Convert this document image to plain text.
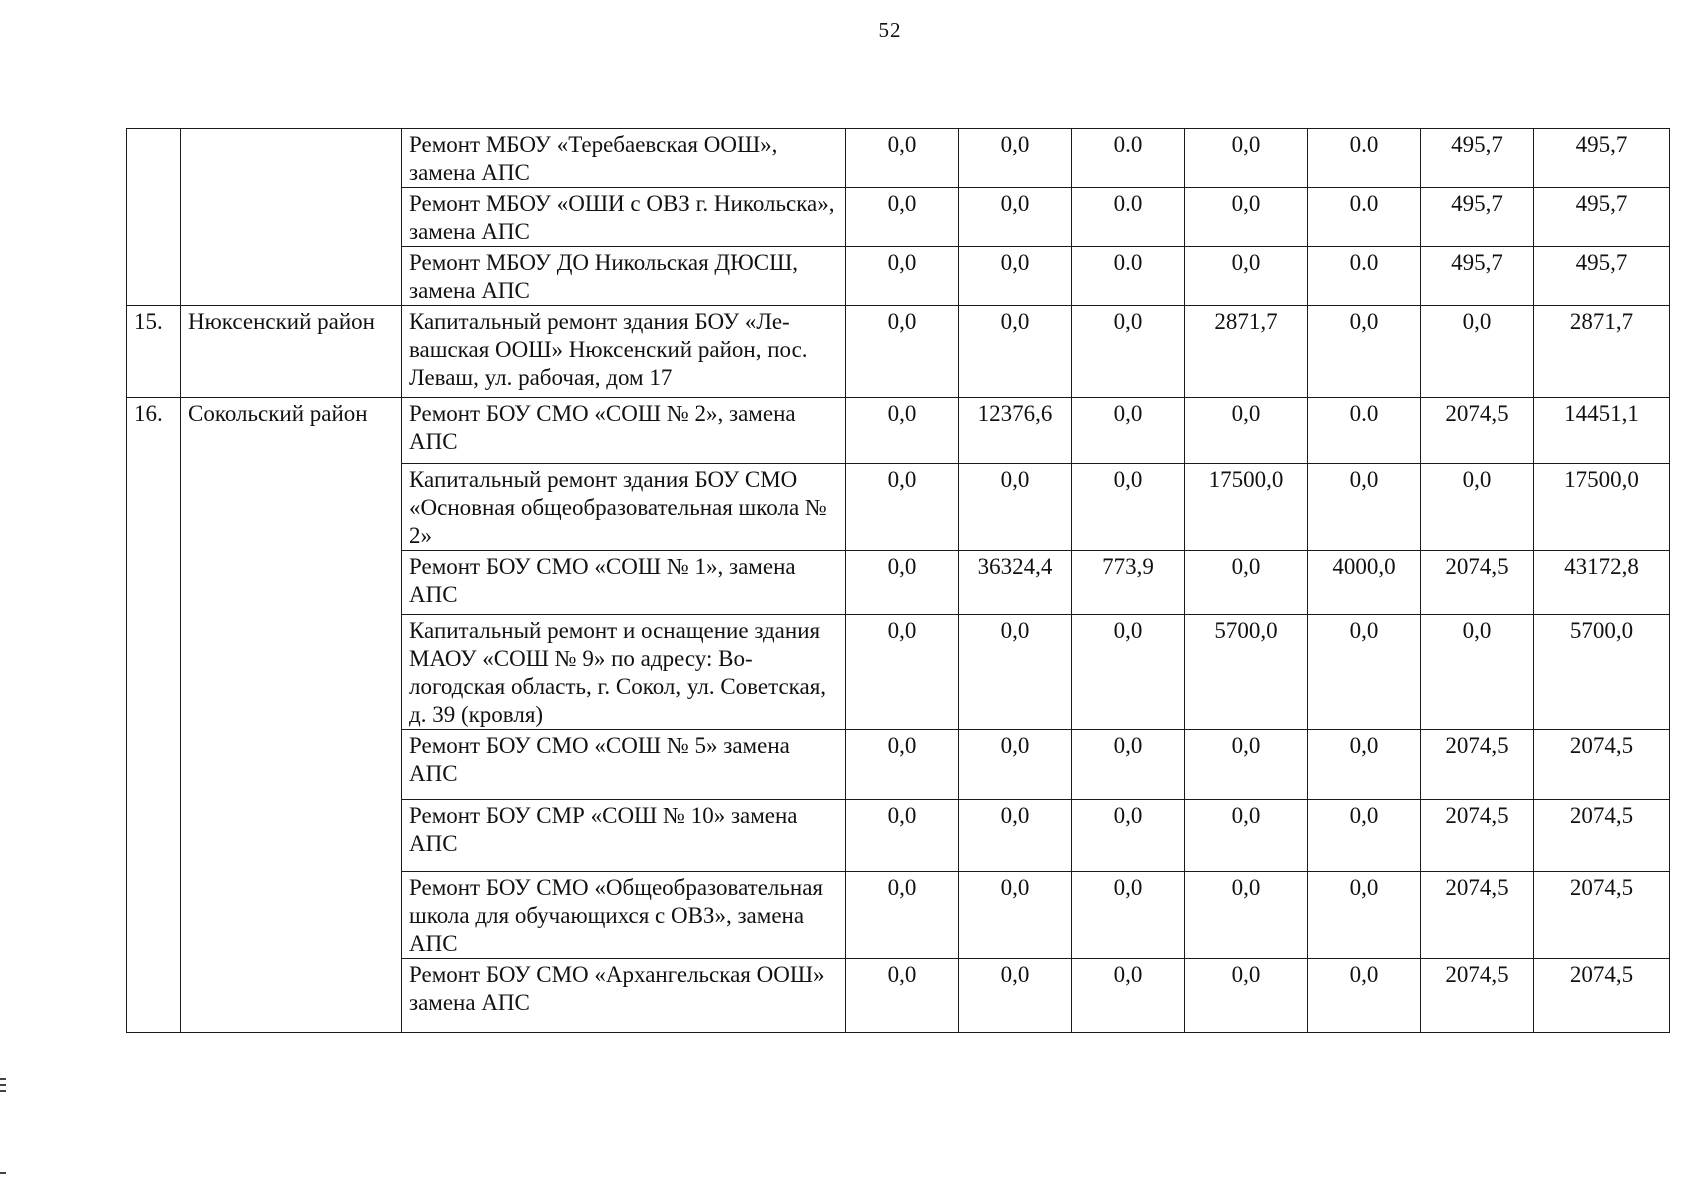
52
		Ремонт МБОУ «Теребаевская ООШ», замена АПС	0,0	0,0	0.0	0,0	0.0	495,7	495,7
		Ремонт МБОУ «ОШИ с ОВЗ г. Никольска», замена АПС	0,0	0,0	0.0	0,0	0.0	495,7	495,7
		Ремонт МБОУ ДО Никольская ДЮСШ, замена АПС	0,0	0,0	0.0	0,0	0.0	495,7	495,7
15.	Нюксенский район	Капитальный ремонт здания БОУ «Левашская ООШ» Нюксенский район, пос. Леваш, ул. рабочая, дом 17	0,0	0,0	0,0	2871,7	0,0	0,0	2871,7
16.	Сокольский район	Ремонт БОУ СМО «СОШ № 2», замена АПС	0,0	12376,6	0,0	0,0	0.0	2074,5	14451,1
		Капитальный ремонт здания БОУ СМО «Основная общеобразовательная школа № 2»	0,0	0,0	0,0	17500,0	0,0	0,0	17500,0
		Ремонт БОУ СМО «СОШ № 1», замена АПС	0,0	36324,4	773,9	0,0	4000,0	2074,5	43172,8
		Капитальный ремонт и оснащение здания МАОУ «СОШ № 9» по адресу: Вологодская область, г. Сокол, ул. Советская, д. 39 (кровля)	0,0	0,0	0,0	5700,0	0,0	0,0	5700,0
		Ремонт БОУ СМО «СОШ № 5» замена АПС	0,0	0,0	0,0	0,0	0,0	2074,5	2074,5
		Ремонт БОУ СМР «СОШ № 10» замена АПС	0,0	0,0	0,0	0,0	0,0	2074,5	2074,5
		Ремонт БОУ СМО «Общеобразовательная школа для обучающихся с ОВЗ», замена АПС	0,0	0,0	0,0	0,0	0,0	2074,5	2074,5
		Ремонт БОУ СМО «Архангельская ООШ» замена АПС	0,0	0,0	0,0	0,0	0,0	2074,5	2074,5
